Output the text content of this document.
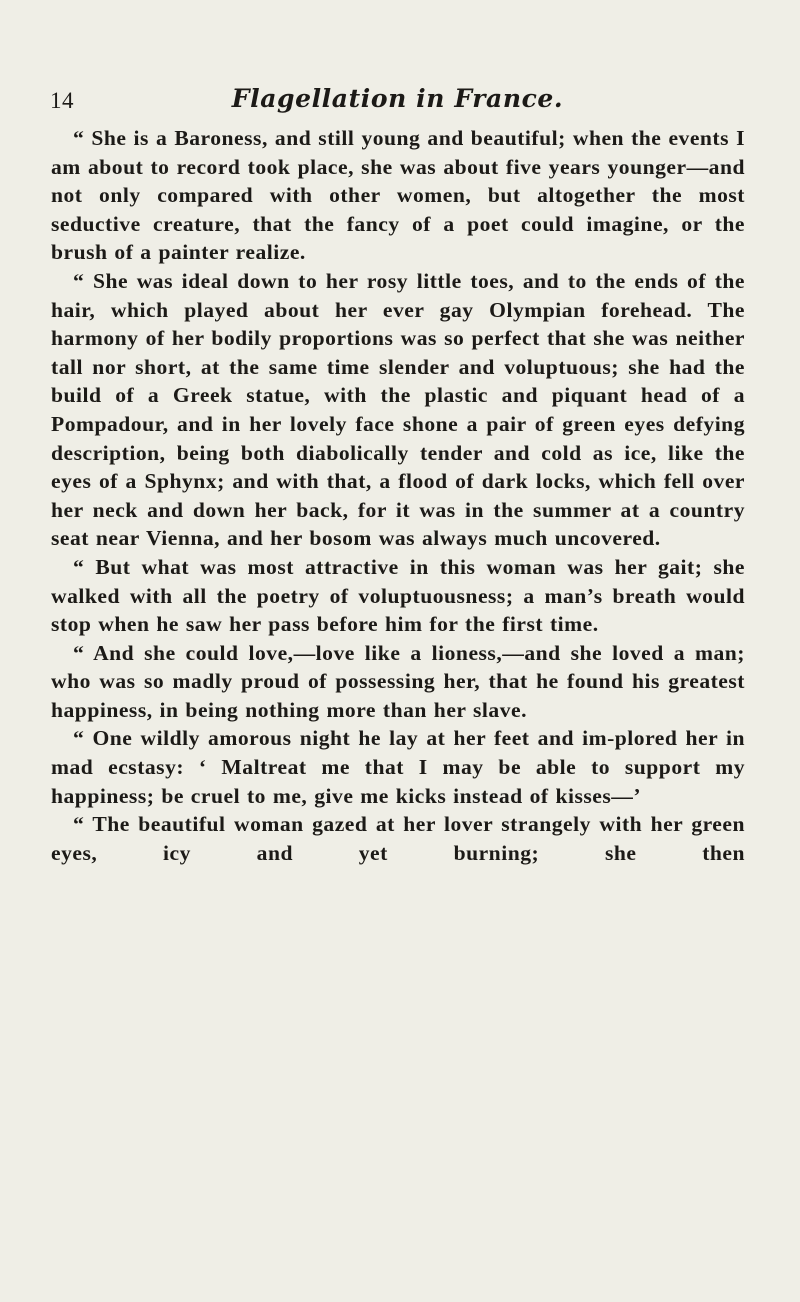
14	Flagellation in France.

“ She is a Baroness, and still young and beautiful; when the events I am about to record took place, she was about five years younger—and not only compared with other women, but altogether the most seductive creature, that the fancy of a poet could imagine, or the brush of a painter realize.

“ She was ideal down to her rosy little toes, and to the ends of the hair, which played about her ever gay Olympian forehead. The harmony of her bodily proportions was so perfect that she was neither tall nor short, at the same time slender and voluptuous; she had the build of a Greek statue, with the plastic and piquant head of a Pompadour, and in her lovely face shone a pair of green eyes defying description, being both diabolically tender and cold as ice, like the eyes of a Sphynx; and with that, a flood of dark locks, which fell over her neck and down her back, for it was in the summer at a country seat near Vienna, and her bosom was always much uncovered.

“ But what was most attractive in this woman was her gait; she walked with all the poetry of voluptuousness; a man’s breath would stop when he saw her pass before him for the first time.

“ And she could love,—love like a lioness,—and she loved a man; who was so madly proud of possessing her, that he found his greatest happiness, in being nothing more than her slave.

“ One wildly amorous night he lay at her feet and im-plored her in mad ecstasy: ‘ Maltreat me that I may be able to support my happiness; be cruel to me, give me kicks instead of kisses—’

“ The beautiful woman gazed at her lover strangely with her green eyes, icy and yet burning; she then
